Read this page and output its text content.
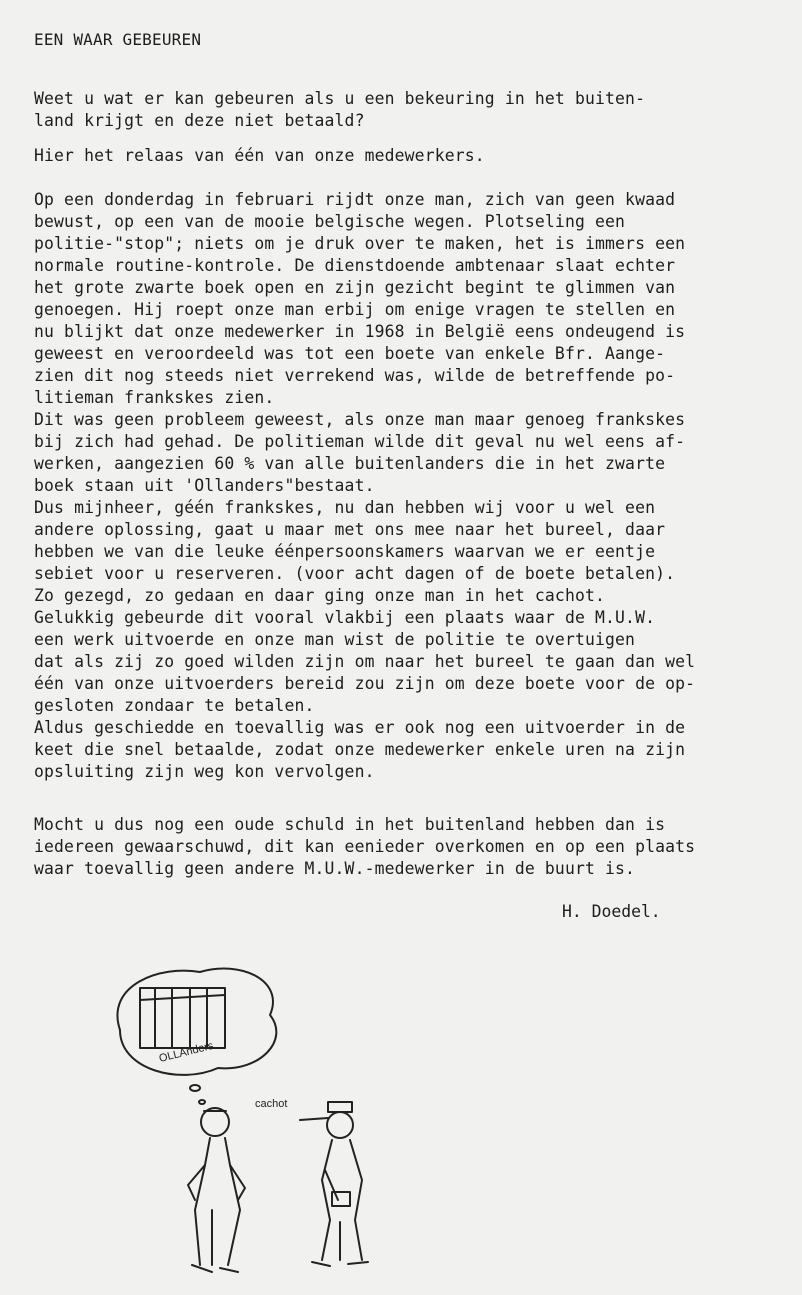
EEN WAAR GEBEUREN
Weet u wat er kan gebeuren als u een bekeuring in het buiten-
land krijgt en deze niet betaald?
Hier het relaas van één van onze medewerkers.
Op een donderdag in februari rijdt onze man, zich van geen kwaad
bewust, op een van de mooie belgische wegen. Plotseling een
politie-"stop"; niets om je druk over te maken, het is immers een
normale routine-kontrole. De dienstdoende ambtenaar slaat echter
het grote zwarte boek open en zijn gezicht begint te glimmen van
genoegen. Hij roept onze man erbij om enige vragen te stellen en
nu blijkt dat onze medewerker in 1968 in België eens ondeugend is
geweest en veroordeeld was tot een boete van enkele Bfr. Aange-
zien dit nog steeds niet verrekend was, wilde de betreffende po-
litieman frankskes zien.
Dit was geen probleem geweest, als onze man maar genoeg frankskes
bij zich had gehad. De politieman wilde dit geval nu wel eens af-
werken, aangezien 60 % van alle buitenlanders die in het zwarte
boek staan uit 'Ollanders"bestaat.
Dus mijnheer, géén frankskes, nu dan hebben wij voor u wel een
andere oplossing, gaat u maar met ons mee naar het bureel, daar
hebben we van die leuke éénpersoonskamers waarvan we er eentje
sebiet voor u reserveren. (voor acht dagen of de boete betalen).
Zo gezegd, zo gedaan en daar ging onze man in het cachot.
Gelukkig gebeurde dit vooral vlakbij een plaats waar de M.U.W.
een werk uitvoerde en onze man wist de politie te overtuigen
dat als zij zo goed wilden zijn om naar het bureel te gaan dan wel
één van onze uitvoerders bereid zou zijn om deze boete voor de op-
gesloten zondaar te betalen.
Aldus geschiedde en toevallig was er ook nog een uitvoerder in de
keet die snel betaalde, zodat onze medewerker enkele uren na zijn
opsluiting zijn weg kon vervolgen.
Mocht u dus nog een oude schuld in het buitenland hebben dan is
iedereen gewaarschuwd, dit kan eenieder overkomen en op een plaats
waar toevallig geen andere M.U.W.-medewerker in de buurt is.
H. Doedel.
OLLAnders
cachot
